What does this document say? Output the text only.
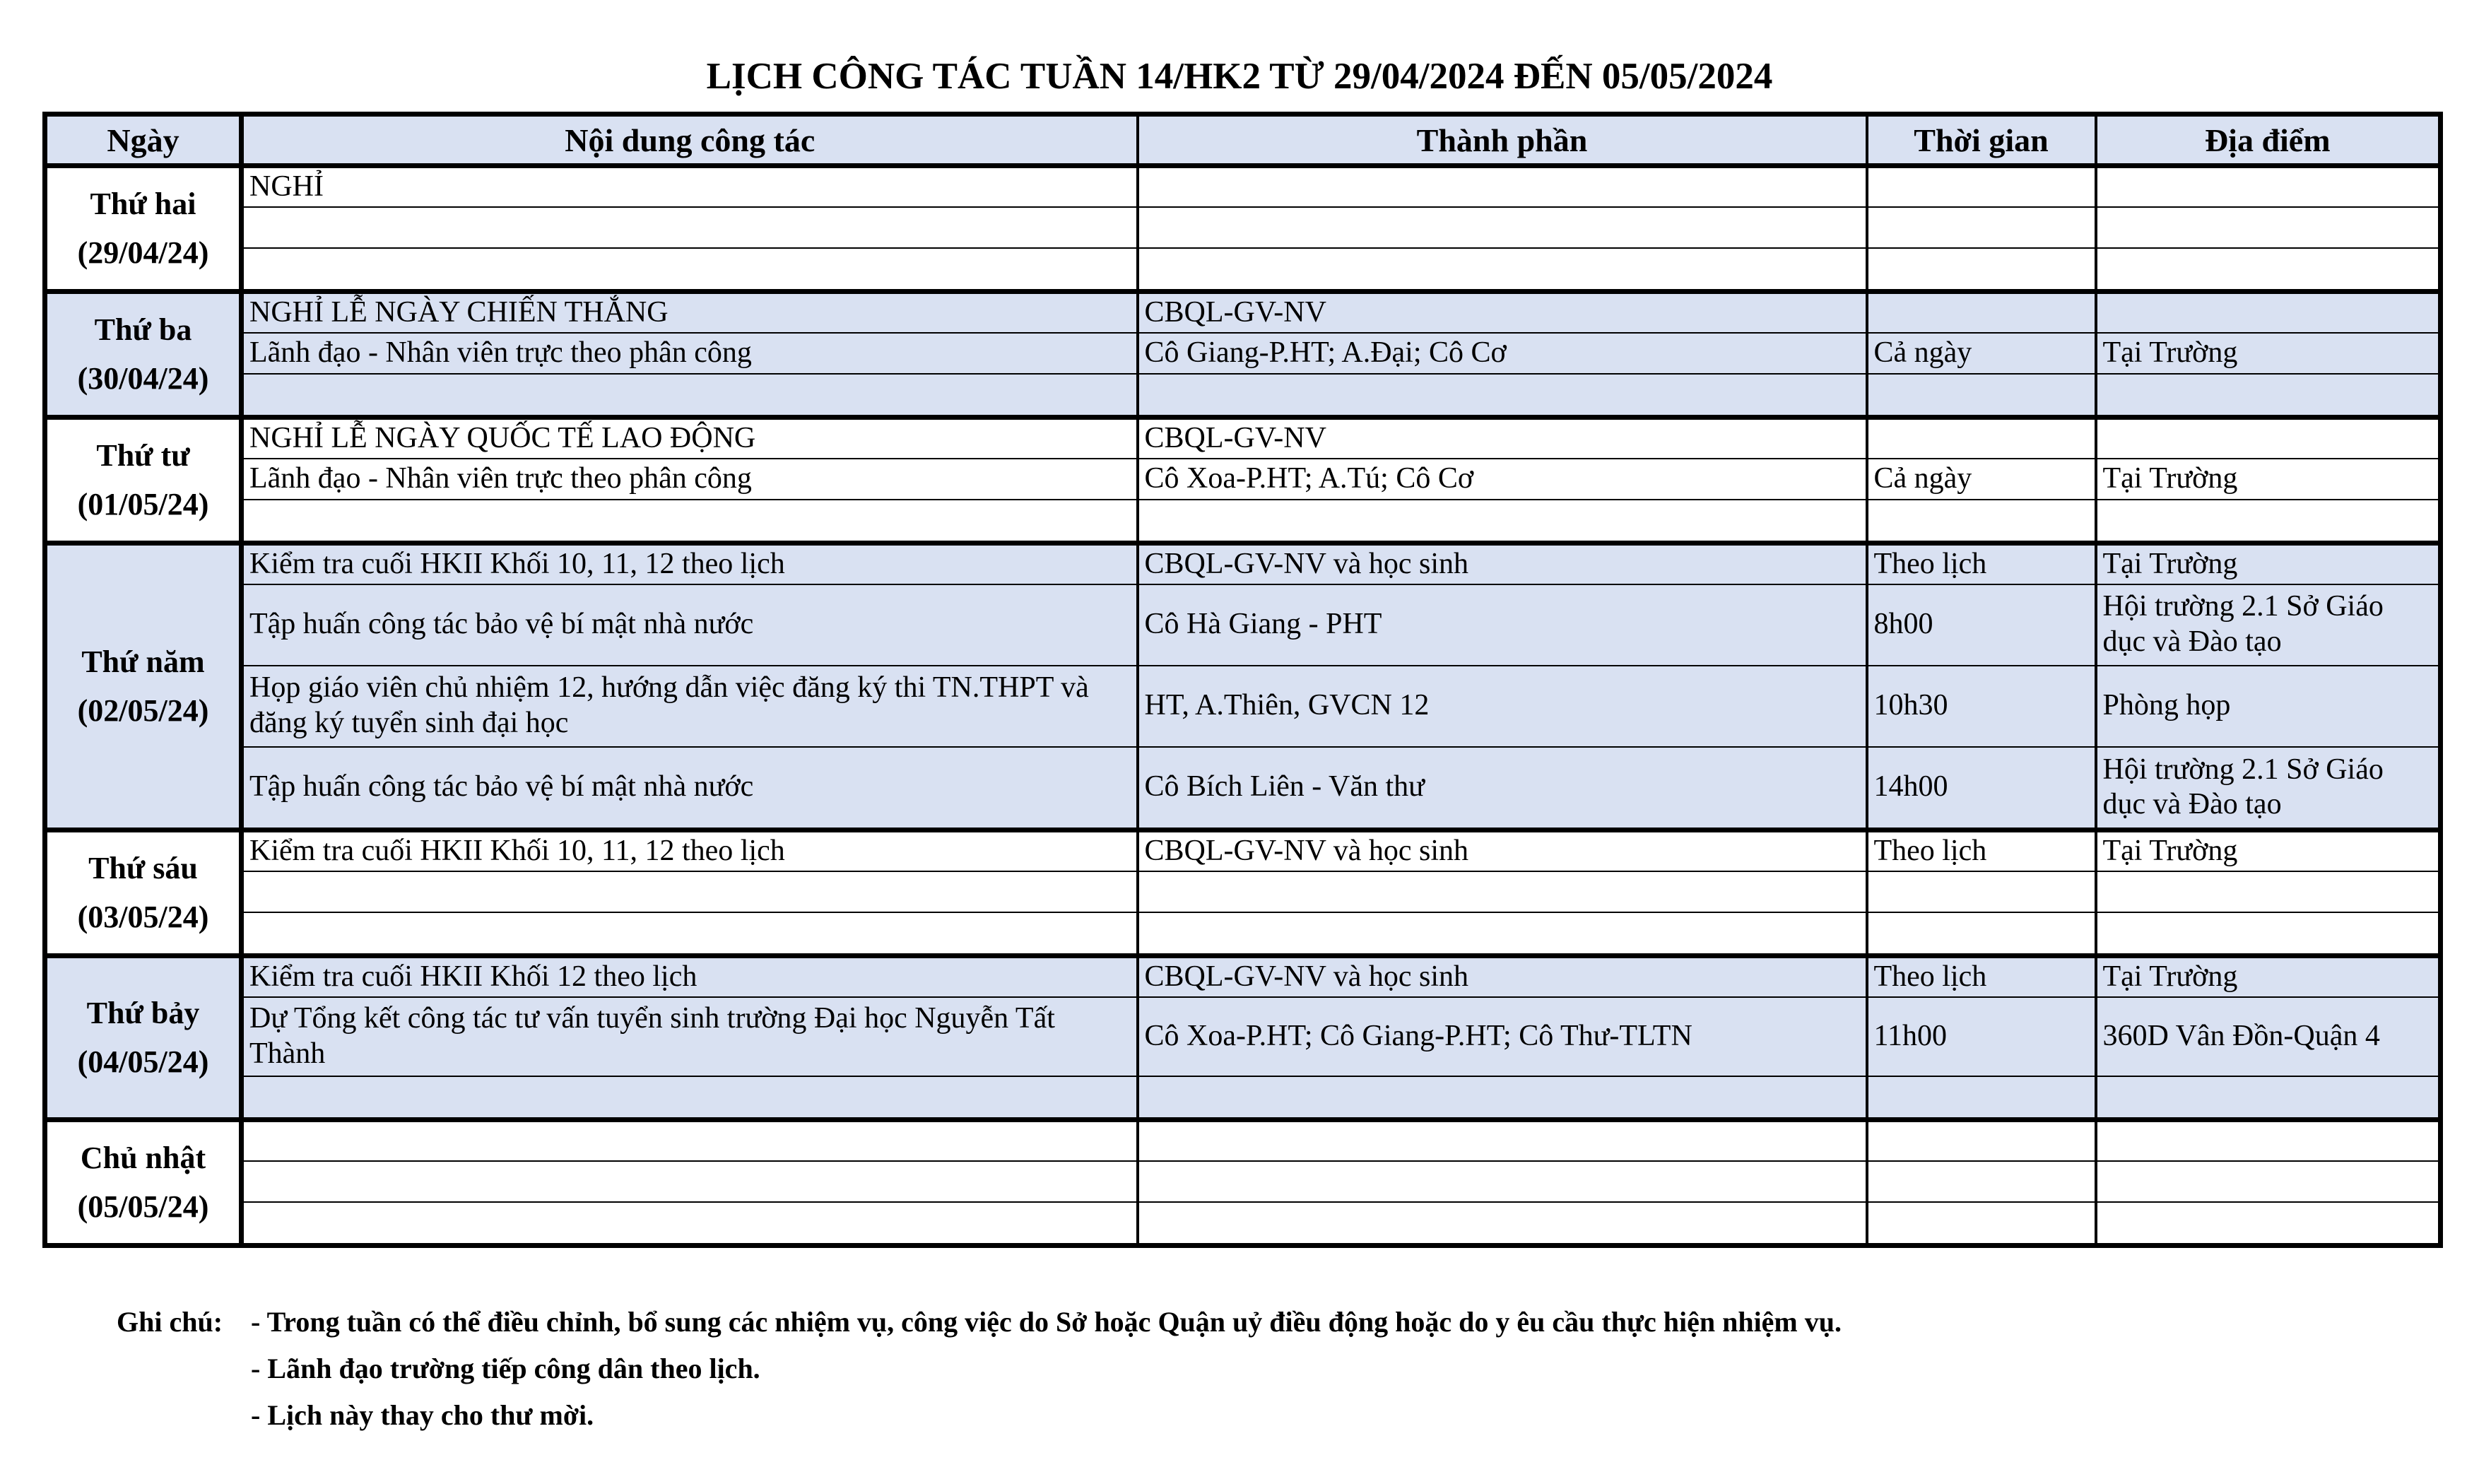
LỊCH CÔNG TÁC TUẦN 14/HK2 TỪ 29/04/2024 ĐẾN 05/05/2024
Ngày	Nội dung công tác	Thành phần	Thời gian	Địa điểm

Thứ hai
(29/04/24)	NGHỈ			

Thứ ba
(30/04/24)	NGHỈ LỄ NGÀY CHIẾN THẮNG	CBQL-GV-NV		
	Lãnh đạo - Nhân viên trực theo phân công	Cô Giang-P.HT; A.Đại; Cô Cơ	Cả ngày	Tại Trường

Thứ tư
(01/05/24)	NGHỈ LỄ NGÀY QUỐC TẾ LAO ĐỘNG	CBQL-GV-NV		
	Lãnh đạo - Nhân viên trực theo phân công	Cô Xoa-P.HT; A.Tú; Cô Cơ	Cả ngày	Tại Trường

Thứ năm
(02/05/24)	Kiểm tra cuối HKII Khối 10, 11, 12 theo lịch	CBQL-GV-NV và học sinh	Theo lịch	Tại Trường
	Tập huấn công tác bảo vệ bí mật nhà nước	Cô Hà Giang - PHT	8h00	Hội trường 2.1 Sở Giáo dục và Đào tạo
	Họp giáo viên chủ nhiệm 12, hướng dẫn việc đăng ký thi TN.THPT và đăng ký tuyển sinh đại học	HT, A.Thiên, GVCN 12	10h30	Phòng họp
	Tập huấn công tác bảo vệ bí mật nhà nước	Cô Bích Liên - Văn thư	14h00	Hội trường 2.1 Sở Giáo dục và Đào tạo

Thứ sáu
(03/05/24)	Kiểm tra cuối HKII Khối 10, 11, 12 theo lịch	CBQL-GV-NV và học sinh	Theo lịch	Tại Trường

Thứ bảy
(04/05/24)	Kiểm tra cuối HKII Khối 12 theo lịch	CBQL-GV-NV và học sinh	Theo lịch	Tại Trường
	Dự Tổng kết công tác tư vấn tuyển sinh trường Đại học Nguyễn Tất Thành	Cô Xoa-P.HT; Cô Giang-P.HT; Cô Thư-TLTN	11h00	360D Vân Đồn-Quận 4

Chủ nhật
(05/05/24)				

Ghi chú: - Trong tuần có thể điều chỉnh, bổ sung các nhiệm vụ, công việc do Sở hoặc Quận uỷ điều động hoặc do y êu cầu thực hiện nhiệm vụ.
- Lãnh đạo trường tiếp công dân theo lịch.
- Lịch này thay cho thư mời.
